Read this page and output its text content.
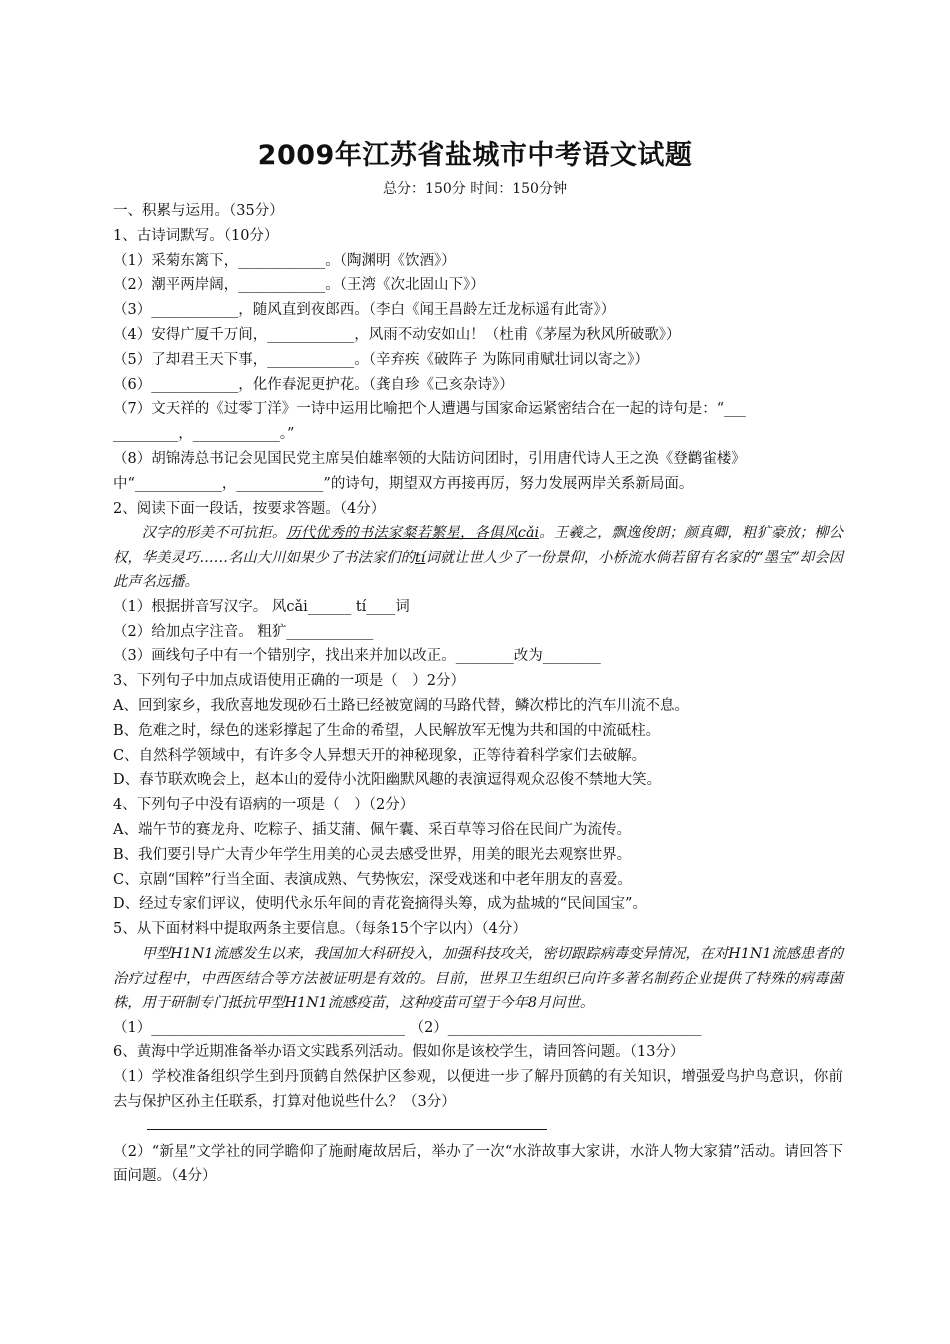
2009年江苏省盐城市中考语文试题
总分：150分 时间：150分钟
一、积累与运用。（35分）
1、古诗词默写。（10分）
（1）采菊东篱下，____________。（陶渊明《饮酒》）
（2）潮平两岸阔，____________。（王湾《次北固山下》）
（3）____________，随风直到夜郎西。（李白《闻王昌龄左迁龙标遥有此寄》）
（4）安得广厦千万间，____________，风雨不动安如山！（杜甫《茅屋为秋风所破歌》）
（5）了却君王天下事，____________。（辛弃疾《破阵子 为陈同甫赋壮词以寄之》）
（6）____________，化作春泥更护花。（龚自珍《己亥杂诗》）
（7）文天祥的《过零丁洋》一诗中运用比喻把个人遭遇与国家命运紧密结合在一起的诗句是：“___
_________，____________。”
（8）胡锦涛总书记会见国民党主席吴伯雄率领的大陆访问团时，引用唐代诗人王之涣《登鹳雀楼》
中“____________，____________”的诗句，期望双方再接再厉，努力发展两岸关系新局面。
2、阅读下面一段话，按要求答题。（4分）
汉字的形美不可抗拒。历代优秀的书法家粲若繁星，各俱风cǎi。王羲之，飘逸俊朗；颜真卿，粗犷豪放；柳公权，华美灵巧……名山大川如果少了书法家们的tí词就让世人少了一份景仰，小桥流水倘若留有名家的“墨宝”却会因此声名远播。
（1）根据拼音写汉字。 风cǎi______ tí____词
（2）给加点字注音。 粗犷____________
（3）画线句子中有一个错别字，找出来并加以改正。________改为________
3、下列句子中加点成语使用正确的一项是（　）2分）
A、回到家乡，我欣喜地发现砂石土路已经被宽阔的马路代替，鳞次栉比的汽车川流不息。
B、危难之时，绿色的迷彩撑起了生命的希望，人民解放军无愧为共和国的中流砥柱。
C、自然科学领域中，有许多令人异想天开的神秘现象，正等待着科学家们去破解。
D、春节联欢晚会上，赵本山的爱侍小沈阳幽默风趣的表演逗得观众忍俊不禁地大笑。
4、下列句子中没有语病的一项是（　）（2分）
A、端午节的赛龙舟、吃粽子、插艾蒲、佩午囊、采百草等习俗在民间广为流传。
B、我们要引导广大青少年学生用美的心灵去感受世界，用美的眼光去观察世界。
C、京剧“国粹”行当全面、表演成熟、气势恢宏，深受戏迷和中老年朋友的喜爱。
D、经过专家们评议，使明代永乐年间的青花瓷摘得头筹，成为盐城的“民间国宝”。
5、从下面材料中提取两条主要信息。（每条15个字以内）（4分）
甲型H1N1流感发生以来，我国加大科研投入，加强科技攻关，密切跟踪病毒变异情况，在对H1N1流感患者的治疗过程中，中西医结合等方法被证明是有效的。目前，世界卫生组织已向许多著名制药企业提供了特殊的病毒菌株，用于研制专门抵抗甲型H1N1流感疫苗，这种疫苗可望于今年8月问世。
（1）___________________________________ （2）___________________________________
6、黄海中学近期准备举办语文实践系列活动。假如你是该校学生，请回答问题。（13分）
（1）学校准备组织学生到丹顶鹤自然保护区参观，以便进一步了解丹顶鹤的有关知识，增强爱鸟护鸟意识，你前去与保护区孙主任联系，打算对他说些什么？（3分）
（2）“新星”文学社的同学瞻仰了施耐庵故居后，举办了一次“水浒故事大家讲，水浒人物大家猜”活动。请回答下面问题。（4分）
